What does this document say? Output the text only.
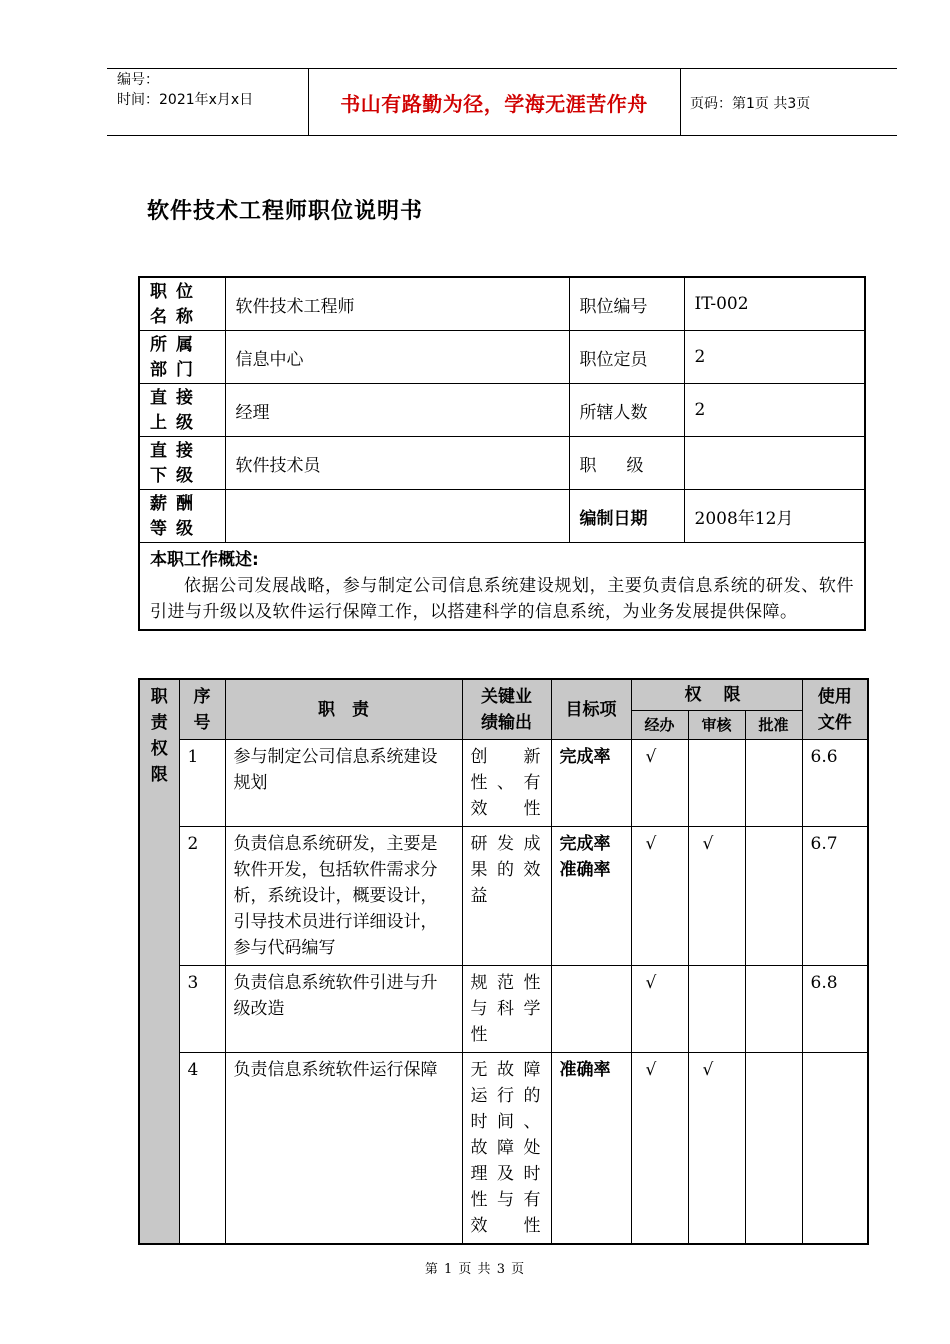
编号：
时间：2021年x月x日	书山有路勤为径，学海无涯苦作舟	页码：第1页 共3页
软件技术工程师职位说明书
职位名称	软件技术工程师	职位编号	IT-002
所属部门	信息中心	职位定员	2
直接上级	经理	所辖人数	2
直接下级	软件技术员	职级	
薪酬等级		编制日期	2008年12月

本职工作概述:
依据公司发展战略，参与制定公司信息系统建设规划，主要负责信息系统的研发、软件引进与升级以及软件运行保障工作，以搭建科学的信息系统，为业务发展提供保障。			
职责权限	序号	职　责	关键业绩输出	目标项	权 限			使用文件

					经办	审核	批准	
	1	参与制定公司信息系统建设规划	创新性、有效性	完成率	√			6.6
	2	负责信息系统研发，主要是软件开发，包括软件需求分析，系统设计，概要设计，引导技术员进行详细设计，参与代码编写	研发成果的效益	完成率准确率	√	√		6.7
	3	负责信息系统软件引进与升级改造	规范性与科学性		√			6.8
	4	负责信息系统软件运行保障	无故障运行的时间、故障处理及时性与有效性	准确率	√	√		
第 1 页 共 3 页
